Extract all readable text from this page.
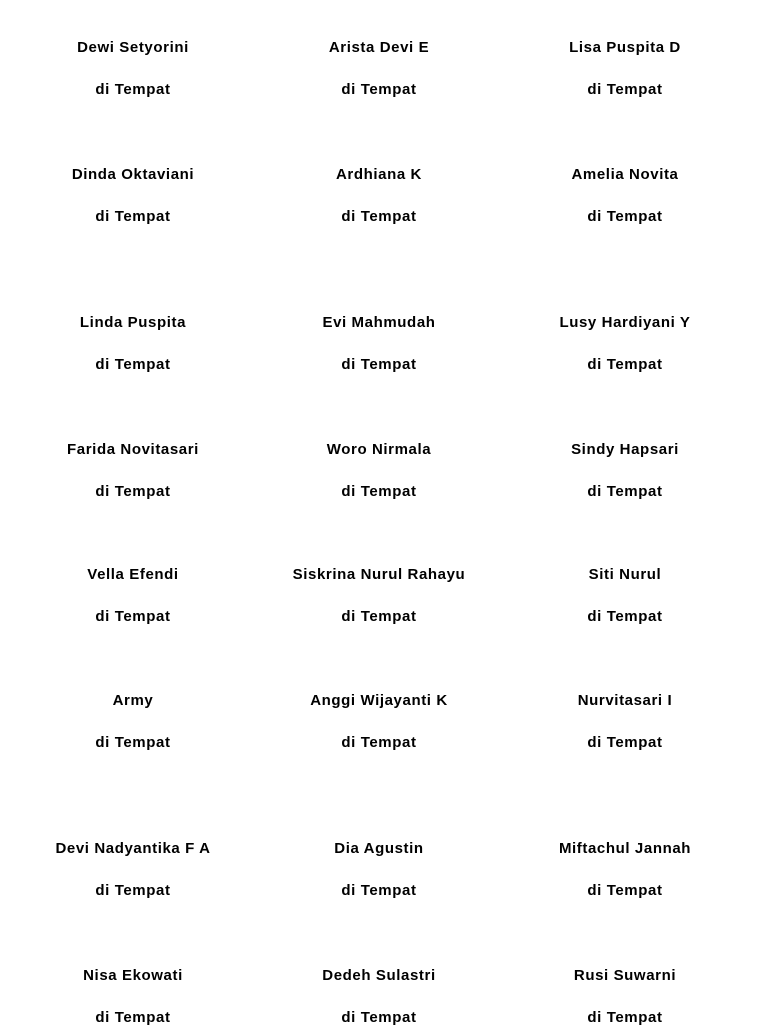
Dewi Setyorini
di Tempat
Arista Devi E
di Tempat
Lisa Puspita D
di Tempat
Dinda Oktaviani
di Tempat
Ardhiana K
di Tempat
Amelia Novita
di Tempat
Linda Puspita
di Tempat
Evi Mahmudah
di Tempat
Lusy Hardiyani Y
di Tempat
Farida Novitasari
di Tempat
Woro Nirmala
di Tempat
Sindy Hapsari
di Tempat
Vella Efendi
di Tempat
Siskrina Nurul Rahayu
di Tempat
Siti Nurul
di Tempat
Army
di Tempat
Anggi Wijayanti K
di Tempat
Nurvitasari I
di Tempat
Devi Nadyantika F A
di Tempat
Dia Agustin
di Tempat
Miftachul Jannah
di Tempat
Nisa Ekowati
di Tempat
Dedeh Sulastri
di Tempat
Rusi Suwarni
di Tempat
